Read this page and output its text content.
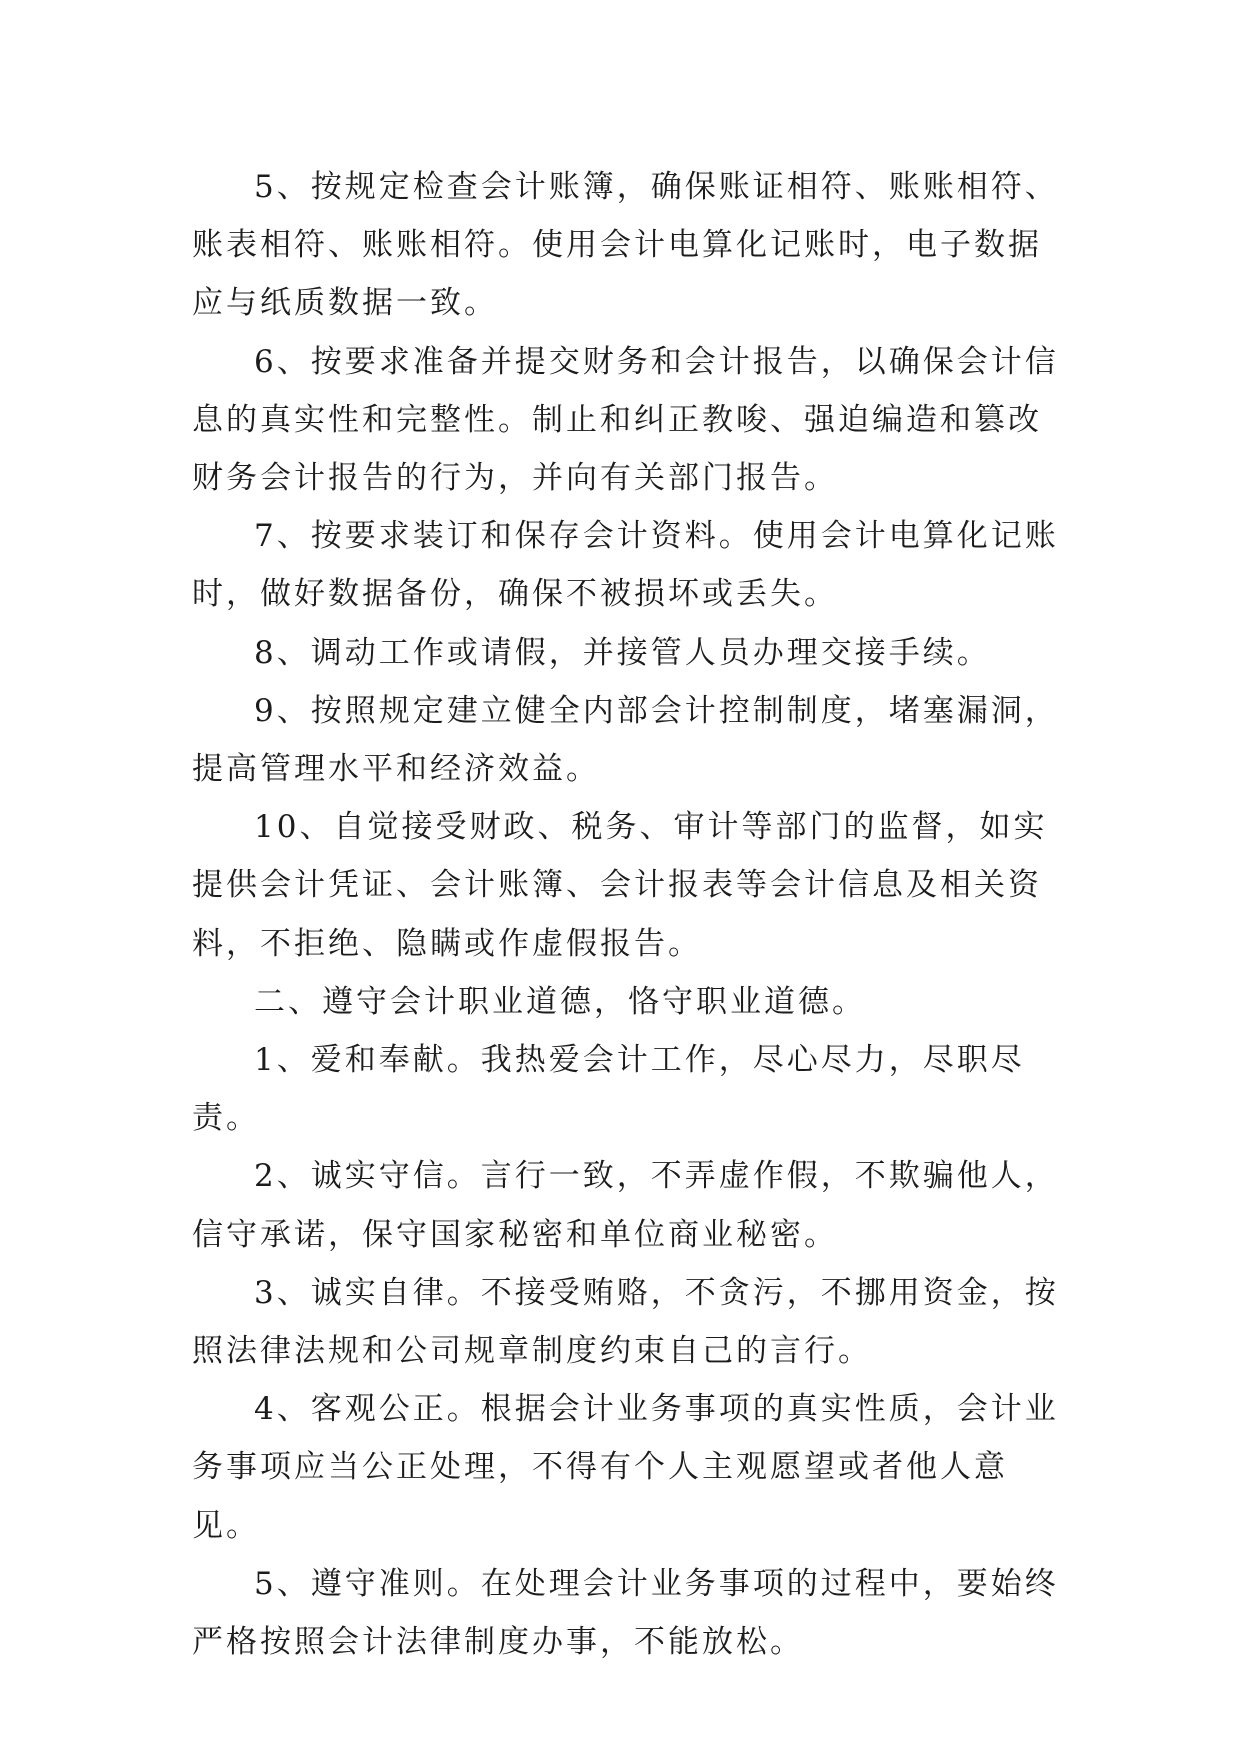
5、按规定检查会计账簿，确保账证相符、账账相符、账表相符、账账相符。使用会计电算化记账时，电子数据应与纸质数据一致。

6、按要求准备并提交财务和会计报告，以确保会计信息的真实性和完整性。制止和纠正教唆、强迫编造和篡改财务会计报告的行为，并向有关部门报告。

7、按要求装订和保存会计资料。使用会计电算化记账时，做好数据备份，确保不被损坏或丢失。

8、调动工作或请假，并接管人员办理交接手续。

9、按照规定建立健全内部会计控制制度，堵塞漏洞，提高管理水平和经济效益。

10、自觉接受财政、税务、审计等部门的监督，如实提供会计凭证、会计账簿、会计报表等会计信息及相关资料，不拒绝、隐瞒或作虚假报告。

二、遵守会计职业道德，恪守职业道德。

1、爱和奉献。我热爱会计工作，尽心尽力，尽职尽责。

2、诚实守信。言行一致，不弄虚作假，不欺骗他人，信守承诺，保守国家秘密和单位商业秘密。

3、诚实自律。不接受贿赂，不贪污，不挪用资金，按照法律法规和公司规章制度约束自己的言行。

4、客观公正。根据会计业务事项的真实性质，会计业务事项应当公正处理，不得有个人主观愿望或者他人意见。

5、遵守准则。在处理会计业务事项的过程中，要始终严格按照会计法律制度办事，不能放松。
